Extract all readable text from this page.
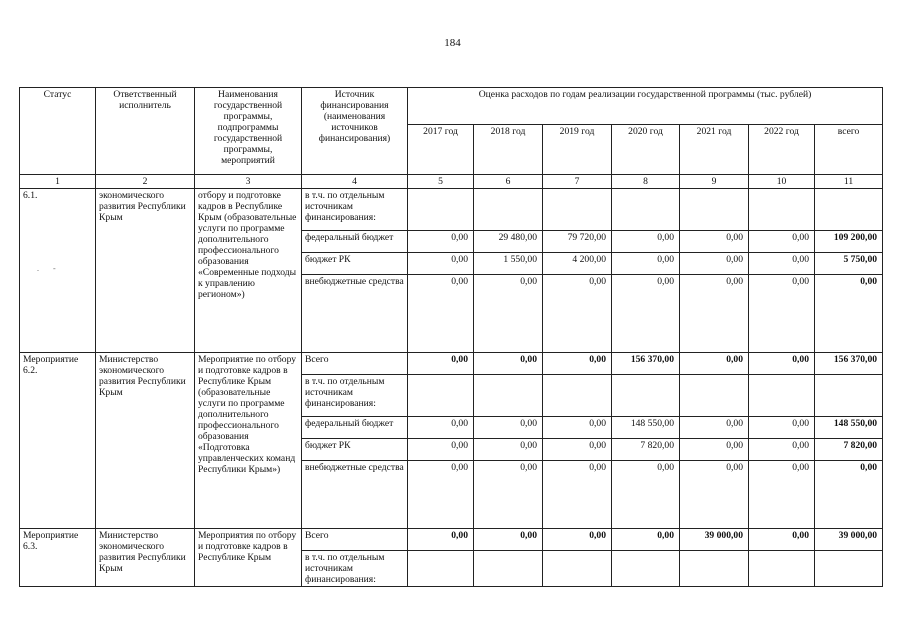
184
. -
Статус	Ответственный исполнитель	Наименования государственной программы, подпрограммы государственной программы, мероприятий	Источник финансирования (наименования источников финансирования)	Оценка расходов по годам реализации государственной программы (тыс. рублей)						
				2017 год	2018 год	2019 год	2020 год	2021 год	2022 год	всего
1	2	3	4	5	6	7	8	9	10	11
6.1.	экономического развития Республики Крым	отбору и подготовке кадров в Республике Крым (образовательные услуги по программе дополнительного профессионального образования «Современные подходы к управлению регионом»)	в т.ч. по отдельным источникам финансирования:							
			федеральный бюджет	0,00	29 480,00	79 720,00	0,00	0,00	0,00	109 200,00
			бюджет РК	0,00	1 550,00	4 200,00	0,00	0,00	0,00	5 750,00
			внебюджетные средства	0,00	0,00	0,00	0,00	0,00	0,00	0,00
Мероприятие 6.2.	Министерство экономического развития Республики Крым	Мероприятие по отбору и подготовке кадров в Республике Крым (образовательные услуги по программе дополнительного профессионального образования «Подготовка управленческих команд Республики Крым»)	Всего	0,00	0,00	0,00	156 370,00	0,00	0,00	156 370,00
			в т.ч. по отдельным источникам финансирования:							
			федеральный бюджет	0,00	0,00	0,00	148 550,00	0,00	0,00	148 550,00
			бюджет РК	0,00	0,00	0,00	7 820,00	0,00	0,00	7 820,00
			внебюджетные средства	0,00	0,00	0,00	0,00	0,00	0,00	0,00
Мероприятие 6.3.	Министерство экономического развития Республики Крым	Мероприятия по отбору и подготовке кадров в Республике Крым	Всего	0,00	0,00	0,00	0,00	39 000,00	0,00	39 000,00
			в т.ч. по отдельным источникам финансирования:							
